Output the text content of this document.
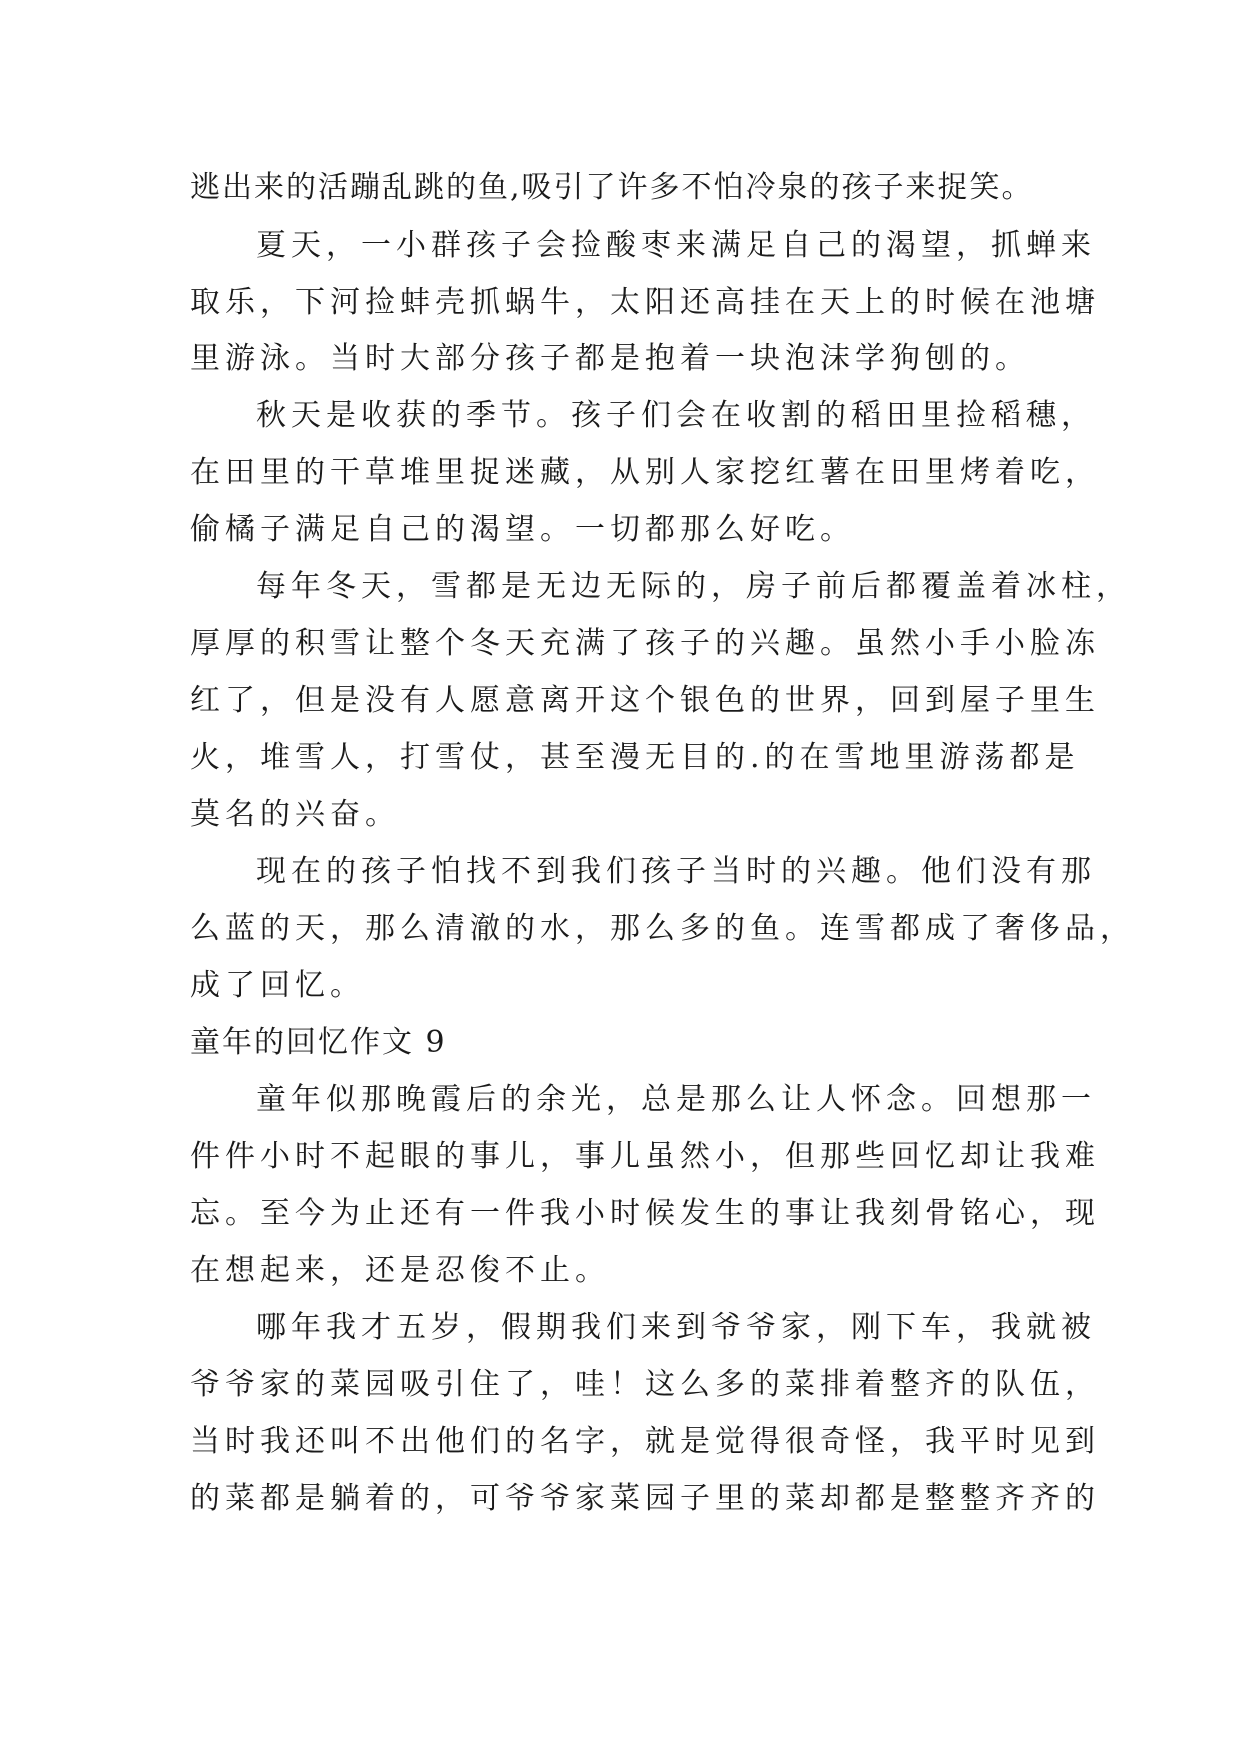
逃出来的活蹦乱跳的鱼,吸引了许多不怕冷泉的孩子来捉笑。
夏天，一小群孩子会捡酸枣来满足自己的渴望，抓蝉来
取乐，下河捡蚌壳抓蜗牛，太阳还高挂在天上的时候在池塘
里游泳。当时大部分孩子都是抱着一块泡沫学狗刨的。
秋天是收获的季节。孩子们会在收割的稻田里捡稻穗，
在田里的干草堆里捉迷藏，从别人家挖红薯在田里烤着吃，
偷橘子满足自己的渴望。一切都那么好吃。
每年冬天，雪都是无边无际的，房子前后都覆盖着冰柱，
厚厚的积雪让整个冬天充满了孩子的兴趣。虽然小手小脸冻
红了，但是没有人愿意离开这个银色的世界，回到屋子里生
火，堆雪人，打雪仗，甚至漫无目的.的在雪地里游荡都是
莫名的兴奋。
现在的孩子怕找不到我们孩子当时的兴趣。他们没有那
么蓝的天，那么清澈的水，那么多的鱼。连雪都成了奢侈品，
成了回忆。
童年的回忆作文 9
童年似那晚霞后的余光，总是那么让人怀念。回想那一
件件小时不起眼的事儿，事儿虽然小，但那些回忆却让我难
忘。至今为止还有一件我小时候发生的事让我刻骨铭心，现
在想起来，还是忍俊不止。
哪年我才五岁，假期我们来到爷爷家，刚下车，我就被
爷爷家的菜园吸引住了，哇！这么多的菜排着整齐的队伍，
当时我还叫不出他们的名字，就是觉得很奇怪，我平时见到
的菜都是躺着的，可爷爷家菜园子里的菜却都是整整齐齐的
